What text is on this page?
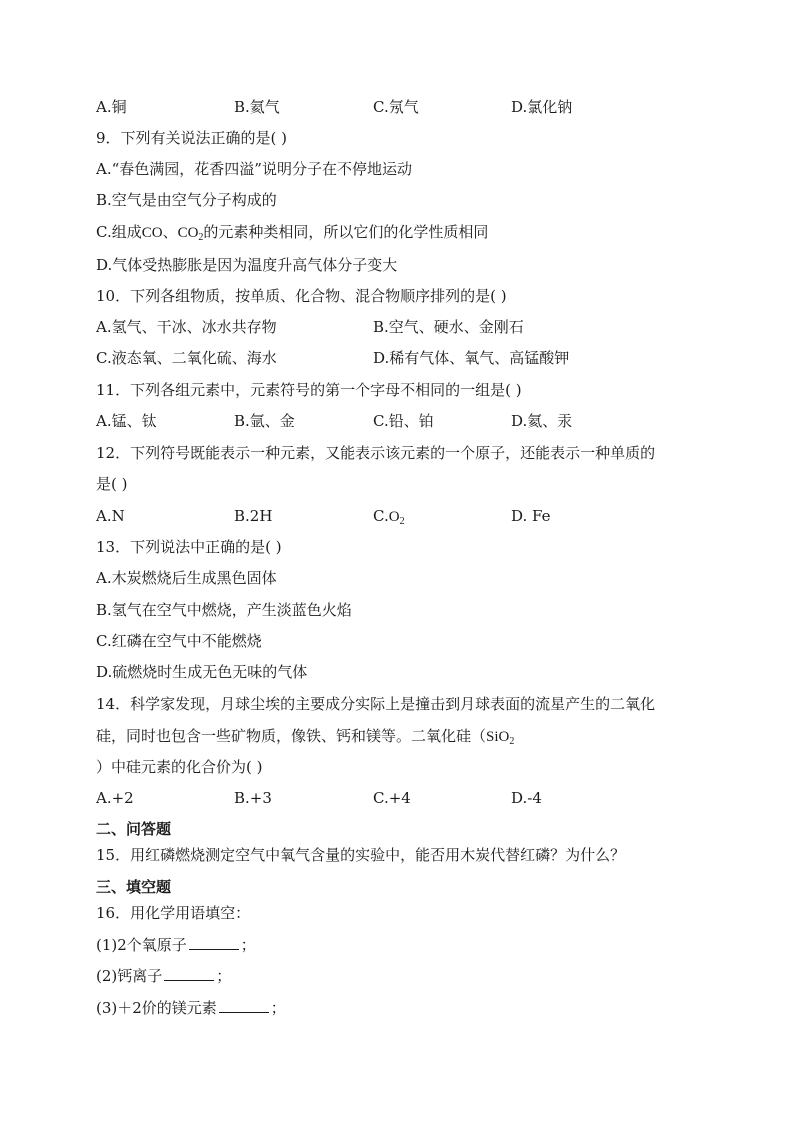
A.铜	B.氦气	C.氖气	D.氯化钠
9．下列有关说法正确的是( )
A.“春色满园，花香四溢”说明分子在不停地运动
B.空气是由空气分子构成的
C.组成CO、$CO_2$的元素种类相同，所以它们的化学性质相同
D.气体受热膨胀是因为温度升高气体分子变大
10．下列各组物质，按单质、化合物、混合物顺序排列的是( )
A.氢气、干冰、冰水共存物	B.空气、硬水、金刚石
C.液态氧、二氧化硫、海水	D.稀有气体、氧气、高锰酸钾
11．下列各组元素中，元素符号的第一个字母不相同的一组是( )
A.锰、钛	B.氩、金	C.铅、铂	D.氦、汞
12．下列符号既能表示一种元素，又能表示该元素的一个原子，还能表示一种单质的
是( )
A.N	B.2H	$C.O_2$	D. Fe
13．下列说法中正确的是( )
A.木炭燃烧后生成黑色固体
B.氢气在空气中燃烧，产生淡蓝色火焰
C.红磷在空气中不能燃烧
D.硫燃烧时生成无色无味的气体
14．科学家发现，月球尘埃的主要成分实际上是撞击到月球表面的流星产生的二氧化
硅，同时也包含一些矿物质，像铁、钙和镁等。二氧化硅（SiO$_2$
）中硅元素的化合价为( )
A.+2	B.+3	C.+4	D.-4
二、问答题
15．用红磷燃烧测定空气中氧气含量的实验中，能否用木炭代替红磷？为什么？
三、填空题
16．用化学用语填空：
(1)2个氧原子	；
(2)钙离子	；
(3)＋2价的镁元素	；
